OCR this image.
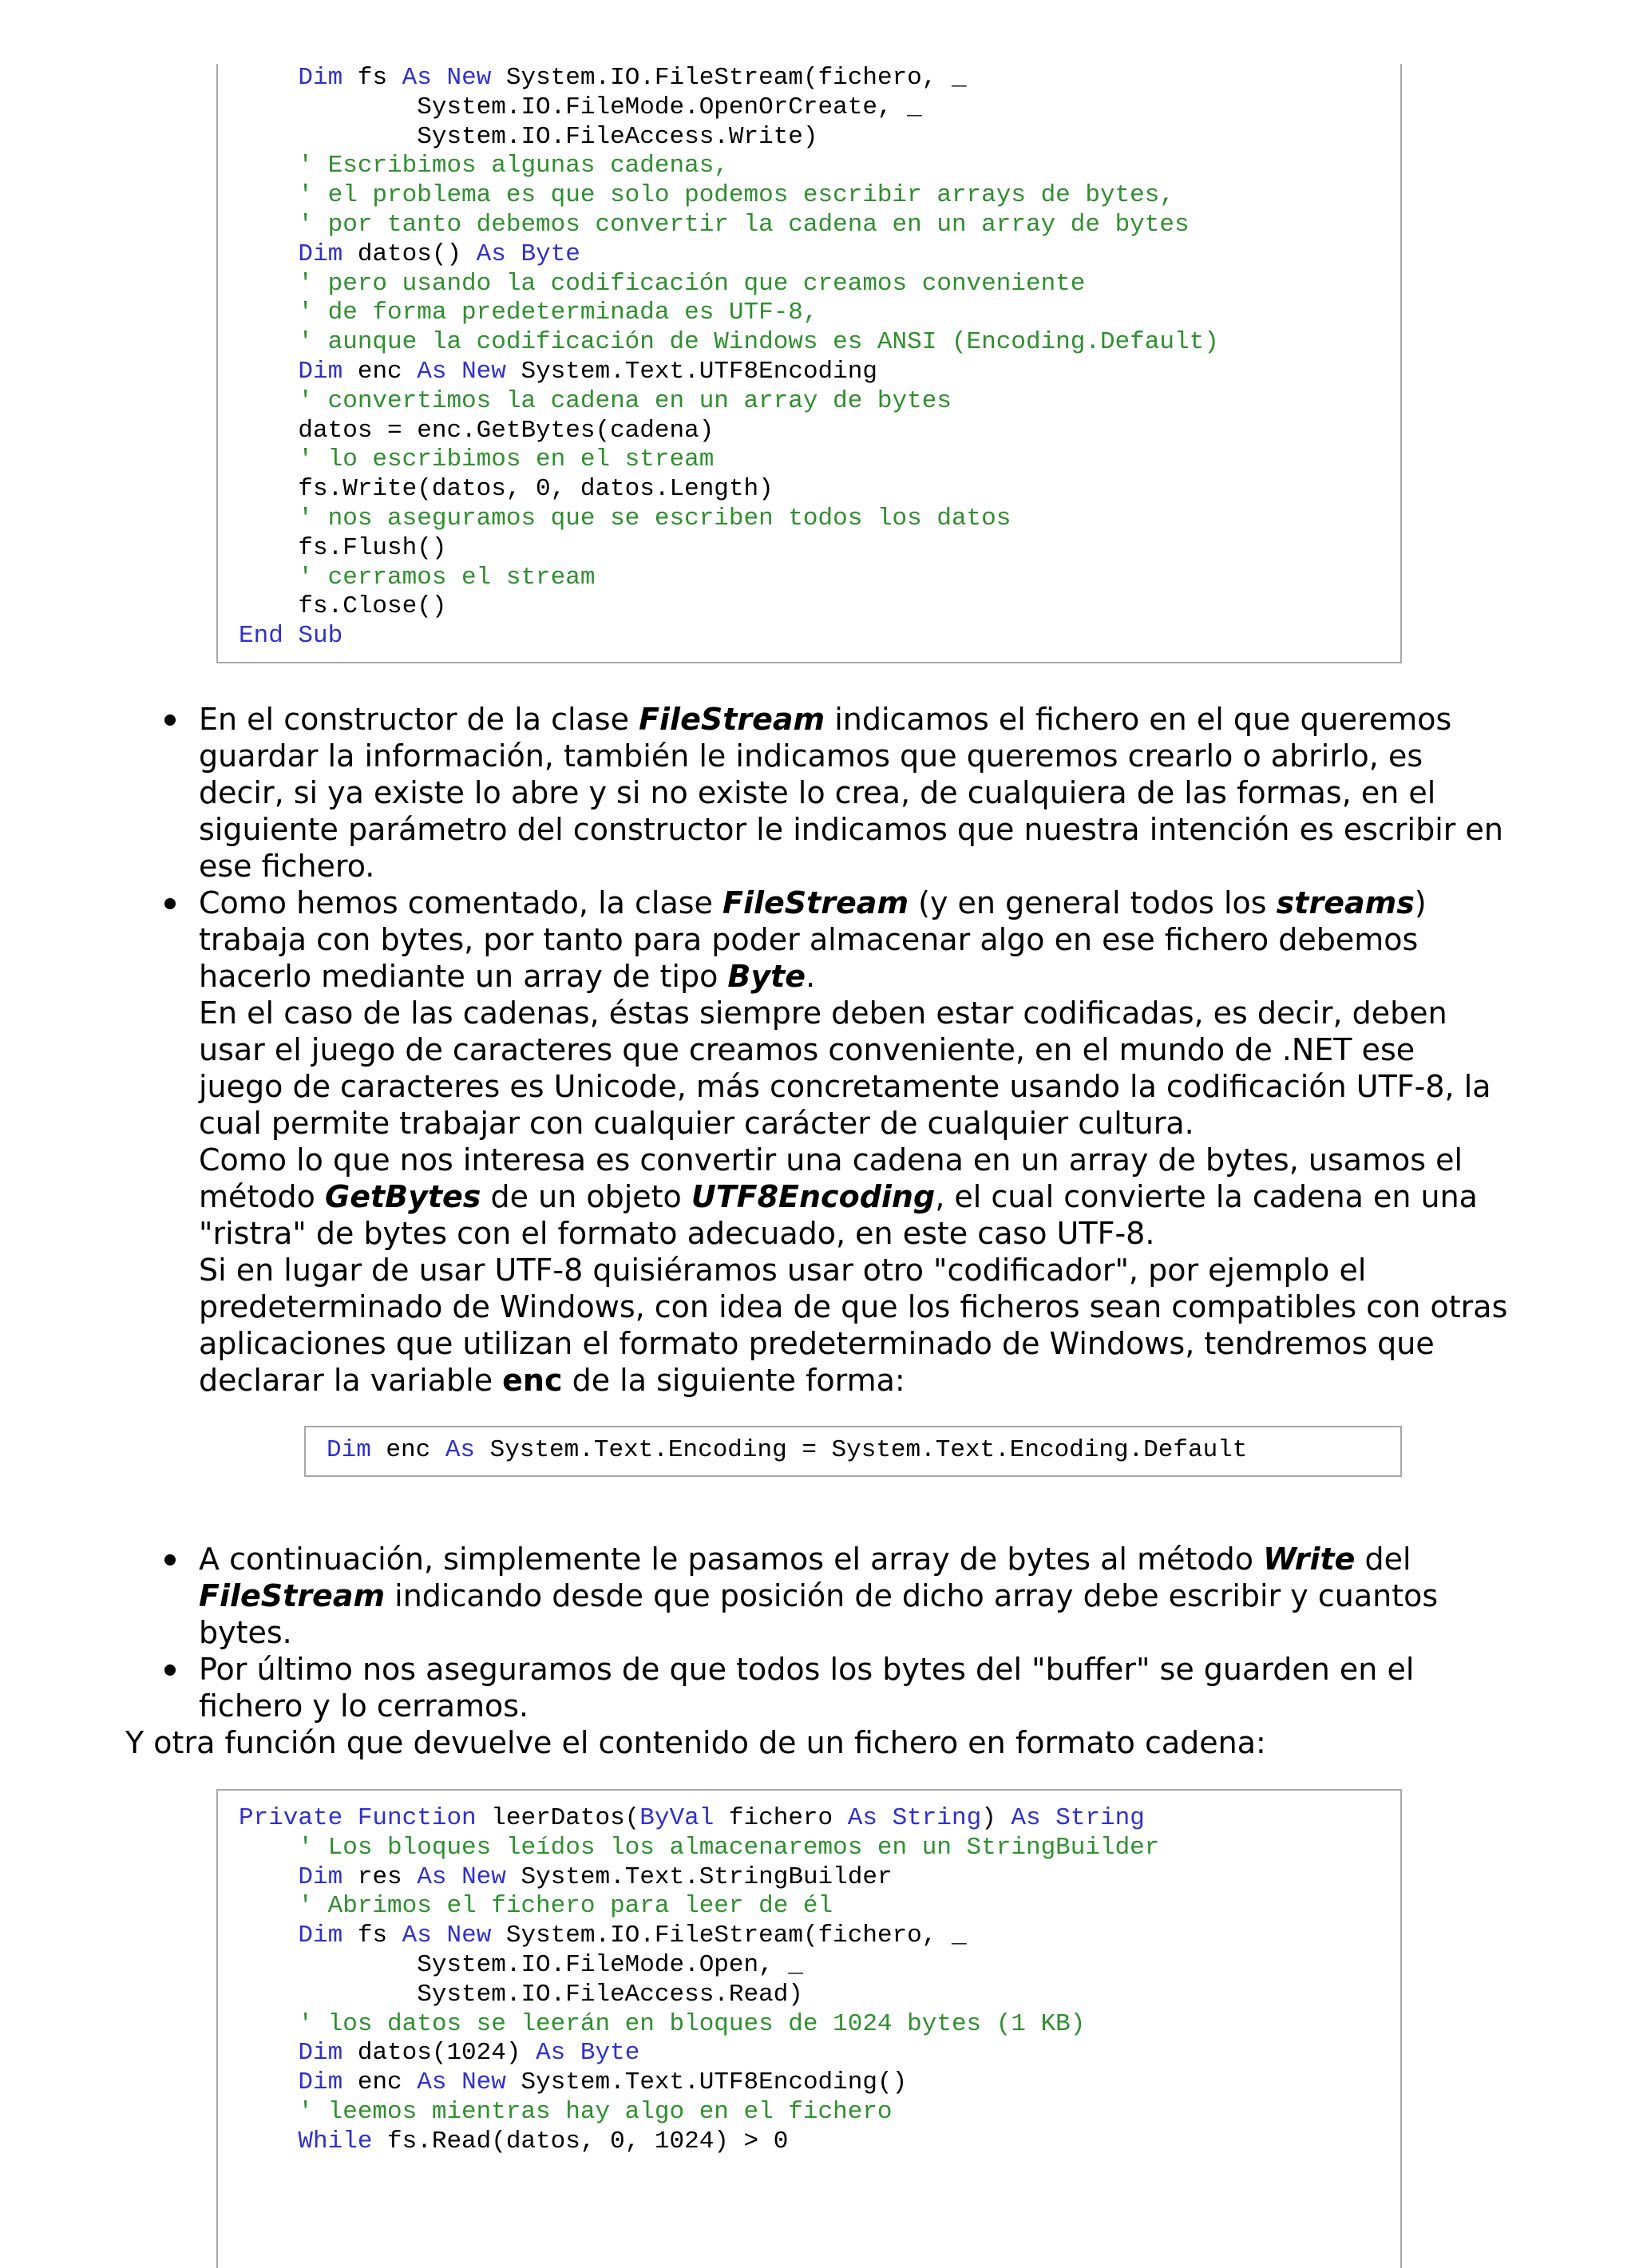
Dim fs As New System.IO.FileStream(fichero, _
System.IO.FileMode.OpenOrCreate, _
System.IO.FileAccess.Write)
' Escribimos algunas cadenas,
' el problema es que solo podemos escribir arrays de bytes,
' por tanto debemos convertir la cadena en un array de bytes
Dim datos() As Byte
' pero usando la codificación que creamos conveniente
' de forma predeterminada es UTF-8,
' aunque la codificación de Windows es ANSI (Encoding.Default)
Dim enc As New System.Text.UTF8Encoding
' convertimos la cadena en un array de bytes
datos = enc.GetBytes(cadena)
' lo escribimos en el stream
fs.Write(datos, 0, datos.Length)
' nos aseguramos que se escriben todos los datos
fs.Flush()
' cerramos el stream
fs.Close()
End Sub
En el constructor de la clase FileStream indicamos el fichero en el que queremos guardar la información, también le indicamos que queremos crearlo o abrirlo, es decir, si ya existe lo abre y si no existe lo crea, de cualquiera de las formas, en el siguiente parámetro del constructor le indicamos que nuestra intención es escribir en ese fichero.
Como hemos comentado, la clase FileStream (y en general todos los streams) trabaja con bytes, por tanto para poder almacenar algo en ese fichero debemos hacerlo mediante un array de tipo Byte.
En el caso de las cadenas, éstas siempre deben estar codificadas, es decir, deben usar el juego de caracteres que creamos conveniente, en el mundo de .NET ese juego de caracteres es Unicode, más concretamente usando la codificación UTF-8, la cual permite trabajar con cualquier carácter de cualquier cultura.
Como lo que nos interesa es convertir una cadena en un array de bytes, usamos el método GetBytes de un objeto UTF8Encoding, el cual convierte la cadena en una "ristra" de bytes con el formato adecuado, en este caso UTF-8.
Si en lugar de usar UTF-8 quisiéramos usar otro "codificador", por ejemplo el predeterminado de Windows, con idea de que los ficheros sean compatibles con otras aplicaciones que utilizan el formato predeterminado de Windows, tendremos que declarar la variable enc de la siguiente forma:
Dim enc As System.Text.Encoding = System.Text.Encoding.Default
A continuación, simplemente le pasamos el array de bytes al método Write del FileStream indicando desde que posición de dicho array debe escribir y cuantos bytes.
Por último nos aseguramos de que todos los bytes del "buffer" se guarden en el fichero y lo cerramos.
Y otra función que devuelve el contenido de un fichero en formato cadena:
Private Function leerDatos(ByVal fichero As String) As String
' Los bloques leídos los almacenaremos en un StringBuilder
Dim res As New System.Text.StringBuilder
' Abrimos el fichero para leer de él
Dim fs As New System.IO.FileStream(fichero, _
System.IO.FileMode.Open, _
System.IO.FileAccess.Read)
' los datos se leerán en bloques de 1024 bytes (1 KB)
Dim datos(1024) As Byte
Dim enc As New System.Text.UTF8Encoding()
' leemos mientras hay algo en el fichero
While fs.Read(datos, 0, 1024) > 0
